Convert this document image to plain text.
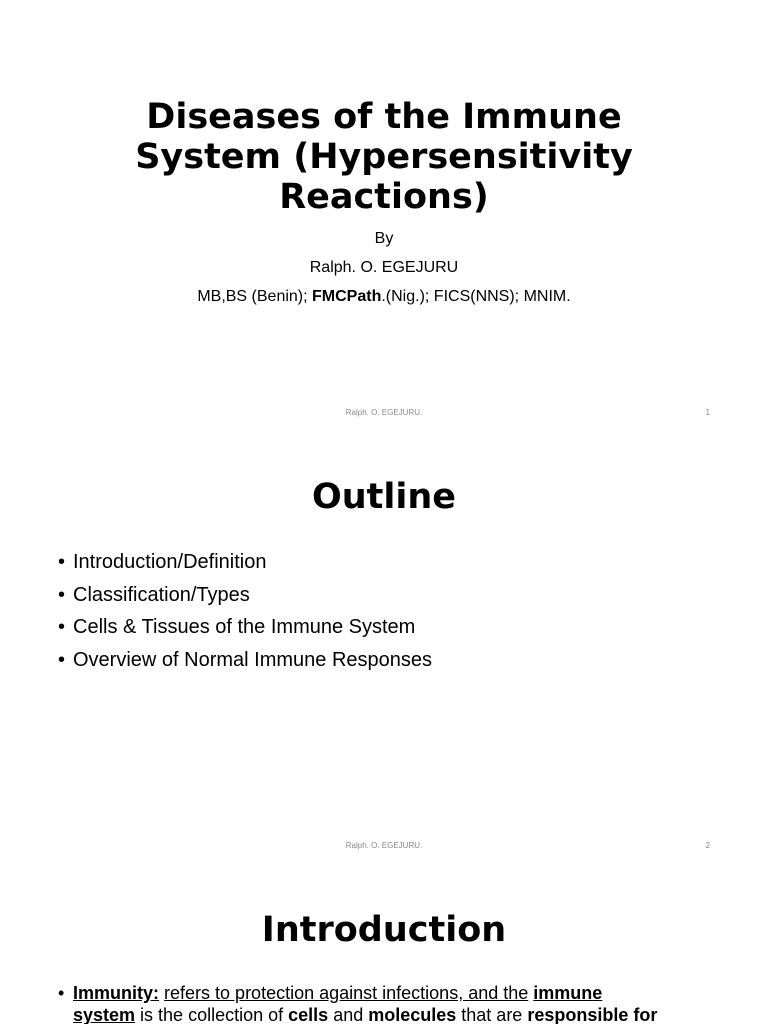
Diseases of the Immune
System (Hypersensitivity
Reactions)
By
Ralph. O. EGEJURU
MB,BS (Benin); FMCPath.(Nig.); FICS(NNS); MNIM.
Ralph. O. EGEJURU.	1
Outline
• Introduction/Definition
• Classification/Types
• Cells & Tissues of the Immune System
• Overview of Normal Immune Responses
Ralph. O. EGEJURU.	2
Introduction
• Immunity: refers to protection against infections, and the immune
system is the collection of cells and molecules that are responsible for
